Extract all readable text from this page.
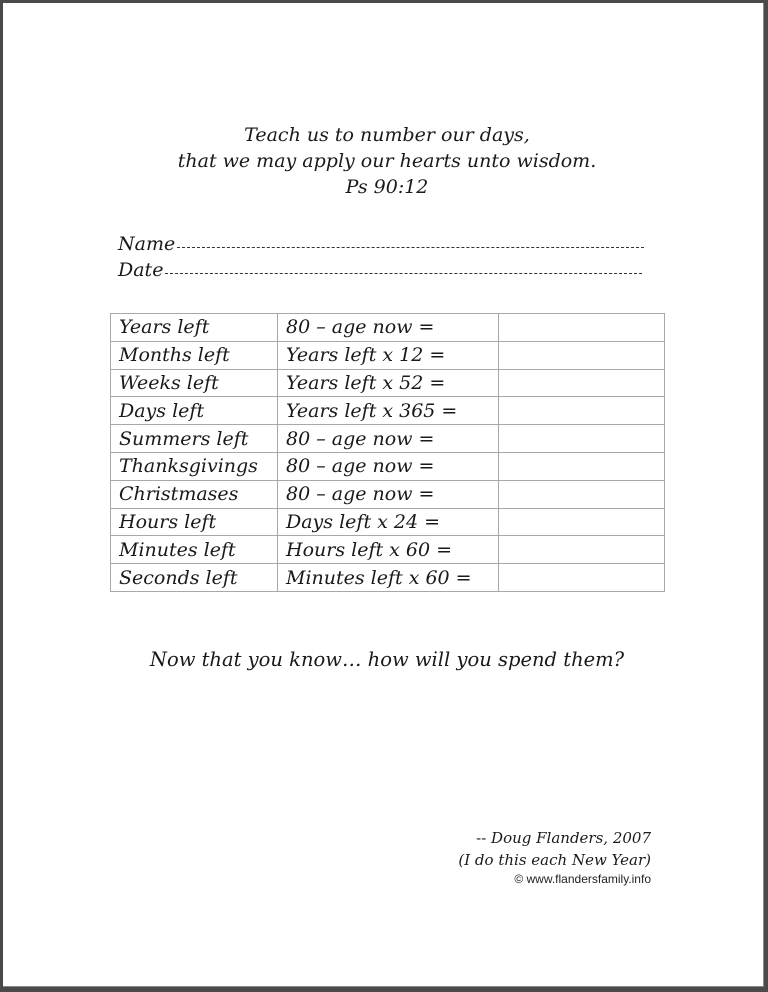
Teach us to number our days,
that we may apply our hearts unto wisdom.
Ps 90:12
Name
Date
Years left	80 – age now =	
Months left	Years left x 12 =	
Weeks left	Years left x 52 =	
Days left	Years left x 365 =	
Summers left	80 – age now =	
Thanksgivings	80 – age now =	
Christmases	80 – age now =	
Hours left	Days left x 24 =	
Minutes left	Hours left x 60 =	
Seconds left	Minutes left x 60 =	
Now that you know… how will you spend them?
-- Doug Flanders, 2007
(I do this each New Year)
© www.flandersfamily.info
